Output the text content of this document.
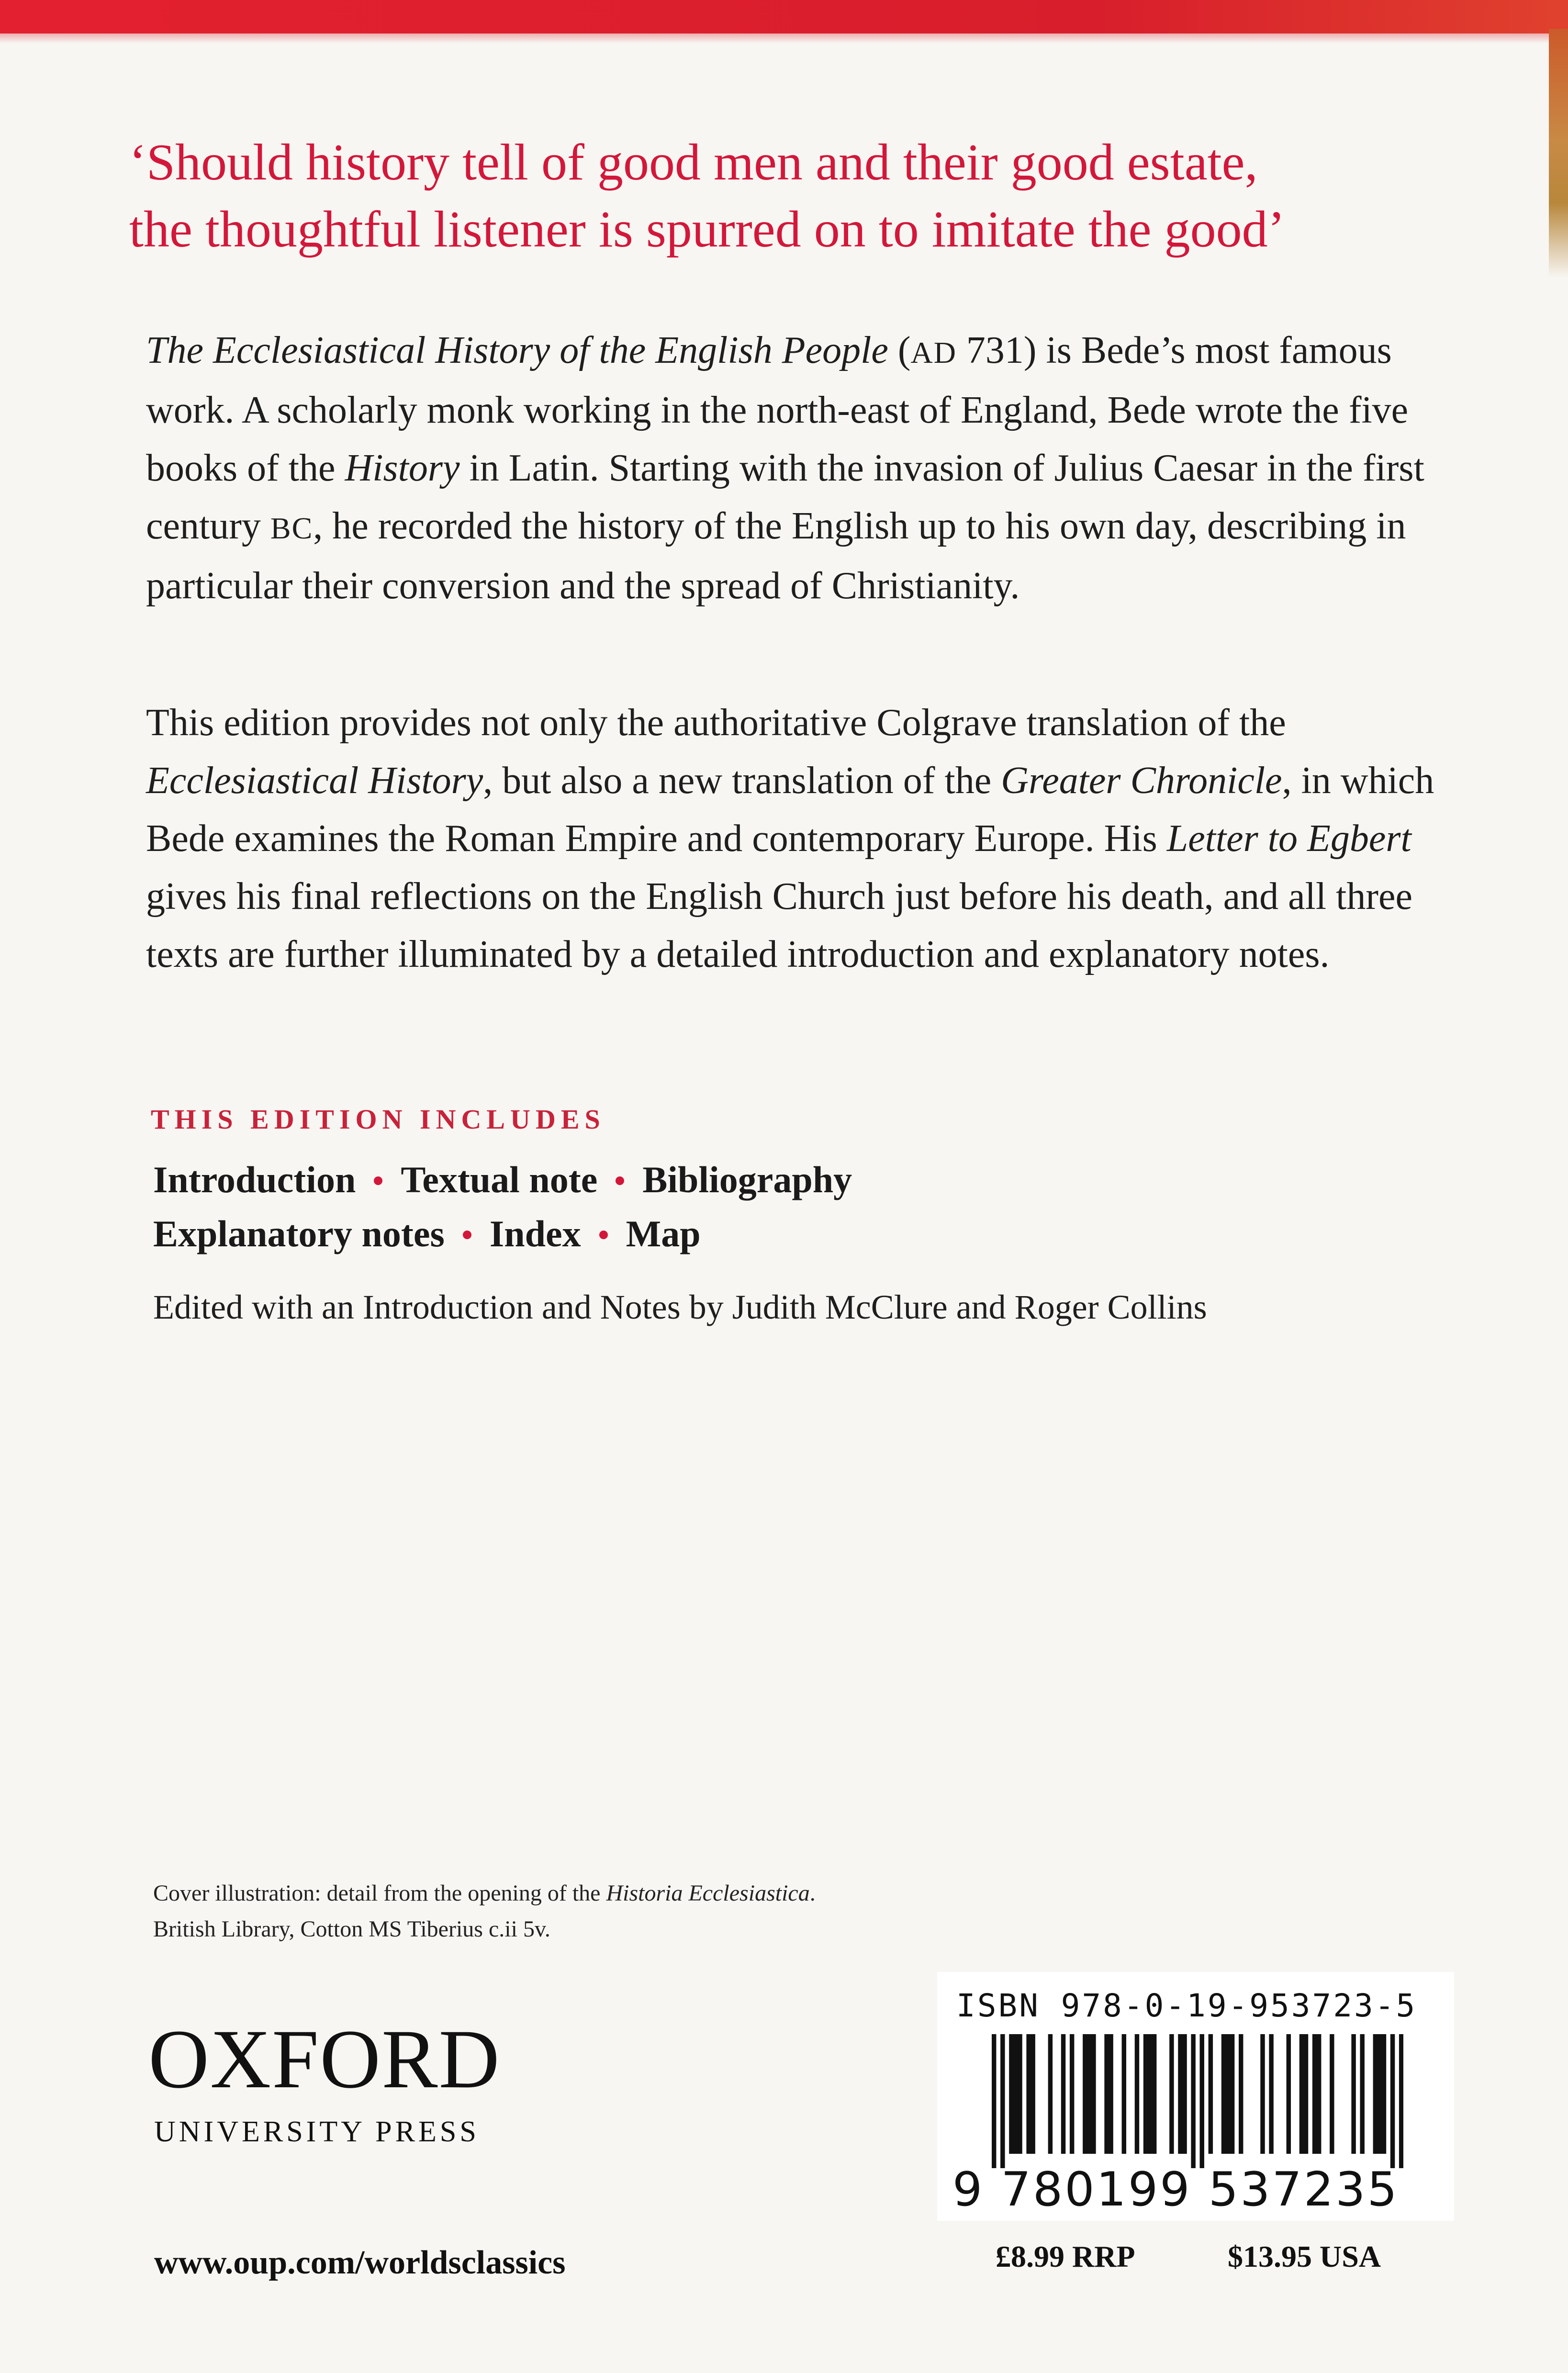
‘Should history tell of good men and their good estate,
the thoughtful listener is spurred on to imitate the good’

The Ecclesiastical History of the English People (AD 731) is Bede’s most famous work. A scholarly monk working in the north-east of England, Bede wrote the five books of the History in Latin. Starting with the invasion of Julius Caesar in the first century BC, he recorded the history of the English up to his own day, describing in particular their conversion and the spread of Christianity.

This edition provides not only the authoritative Colgrave translation of the Ecclesiastical History, but also a new translation of the Greater Chronicle, in which Bede examines the Roman Empire and contemporary Europe. His Letter to Egbert gives his final reflections on the English Church just before his death, and all three texts are further illuminated by a detailed introduction and explanatory notes.

THIS EDITION INCLUDES

Introduction Textual note Bibliography
Explanatory notes Index Map

Edited with an Introduction and Notes by Judith McClure and Roger Collins

Cover illustration: detail from the opening of the Historia Ecclesiastica.
British Library, Cotton MS Tiberius c.ii 5v.

OXFORD
UNIVERSITY PRESS

www.oup.com/worldsclassics

ISBN 978-0-19-953723-5
9 780199 537235
£8.99 RRP	$13.95 USA
